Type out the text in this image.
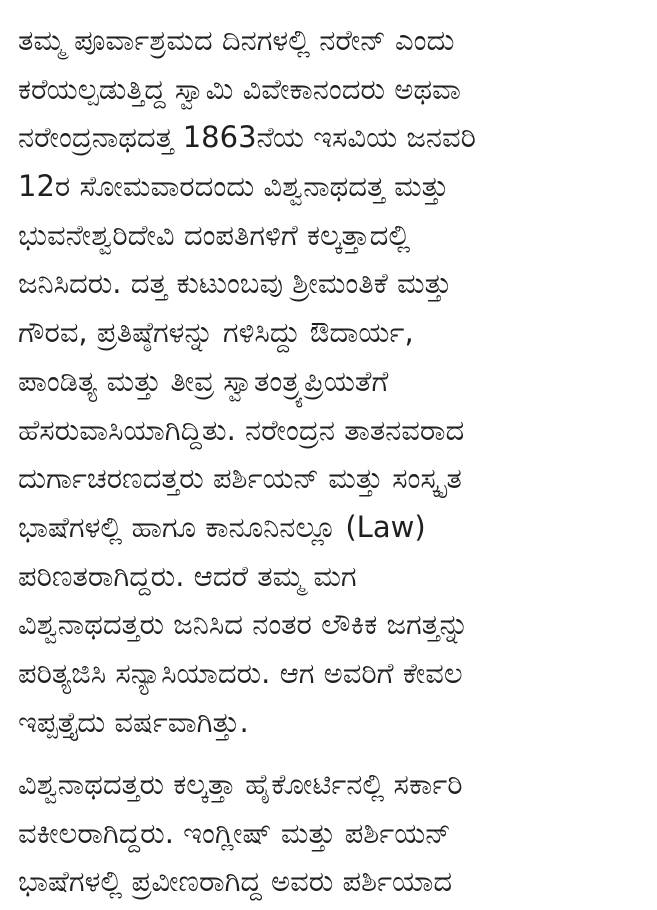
ತಮ್ಮ ಪೂರ್ವಾಶ್ರಮದ ದಿನಗಳಲ್ಲಿ ನರೇನ್ ಎಂದು
ಕರೆಯಲ್ಪಡುತ್ತಿದ್ದ ಸ್ವಾಮಿ ವಿವೇಕಾನಂದರು ಅಥವಾ
ನರೇಂದ್ರನಾಥದತ್ತ 1863ನೆಯ ಇಸವಿಯ ಜನವರಿ
12ರ ಸೋಮವಾರದಂದು ವಿಶ್ವನಾಥದತ್ತ ಮತ್ತು
ಭುವನೇಶ್ವರಿದೇವಿ ದಂಪತಿಗಳಿಗೆ ಕಲ್ಕತ್ತಾದಲ್ಲಿ
ಜನಿಸಿದರು. ದತ್ತ ಕುಟುಂಬವು ಶ್ರೀಮಂತಿಕೆ ಮತ್ತು
ಗೌರವ, ಪ್ರತಿಷ್ಠೆಗಳನ್ನು ಗಳಿಸಿದ್ದು ಔದಾರ್ಯ,
ಪಾಂಡಿತ್ಯ ಮತ್ತು ತೀವ್ರ ಸ್ವಾತಂತ್ರ್ಯಪ್ರಿಯತೆಗೆ
ಹೆಸರುವಾಸಿಯಾಗಿದ್ದಿತು. ನರೇಂದ್ರನ ತಾತನವರಾದ
ದುರ್ಗಾಚರಣದತ್ತರು ಪರ್ಶಿಯನ್ ಮತ್ತು ಸಂಸ್ಕೃತ
ಭಾಷೆಗಳಲ್ಲಿ ಹಾಗೂ ಕಾನೂನಿನಲ್ಲೂ (Law)
ಪರಿಣತರಾಗಿದ್ದರು. ಆದರೆ ತಮ್ಮ ಮಗ
ವಿಶ್ವನಾಥದತ್ತರು ಜನಿಸಿದ ನಂತರ ಲೌಕಿಕ ಜಗತ್ತನ್ನು
ಪರಿತ್ಯಜಿಸಿ ಸನ್ಯಾಸಿಯಾದರು. ಆಗ ಅವರಿಗೆ ಕೇವಲ
ಇಪ್ಪತ್ತೈದು ವರ್ಷವಾಗಿತ್ತು.
ವಿಶ್ವನಾಥದತ್ತರು ಕಲ್ಕತ್ತಾ ಹೈಕೋರ್ಟಿನಲ್ಲಿ ಸರ್ಕಾರಿ
ವಕೀಲರಾಗಿದ್ದರು. ಇಂಗ್ಲೀಷ್ ಮತ್ತು ಪರ್ಶಿಯನ್
ಭಾಷೆಗಳಲ್ಲಿ ಪ್ರವೀಣರಾಗಿದ್ದ ಅವರು ಪರ್ಶಿಯಾದ
